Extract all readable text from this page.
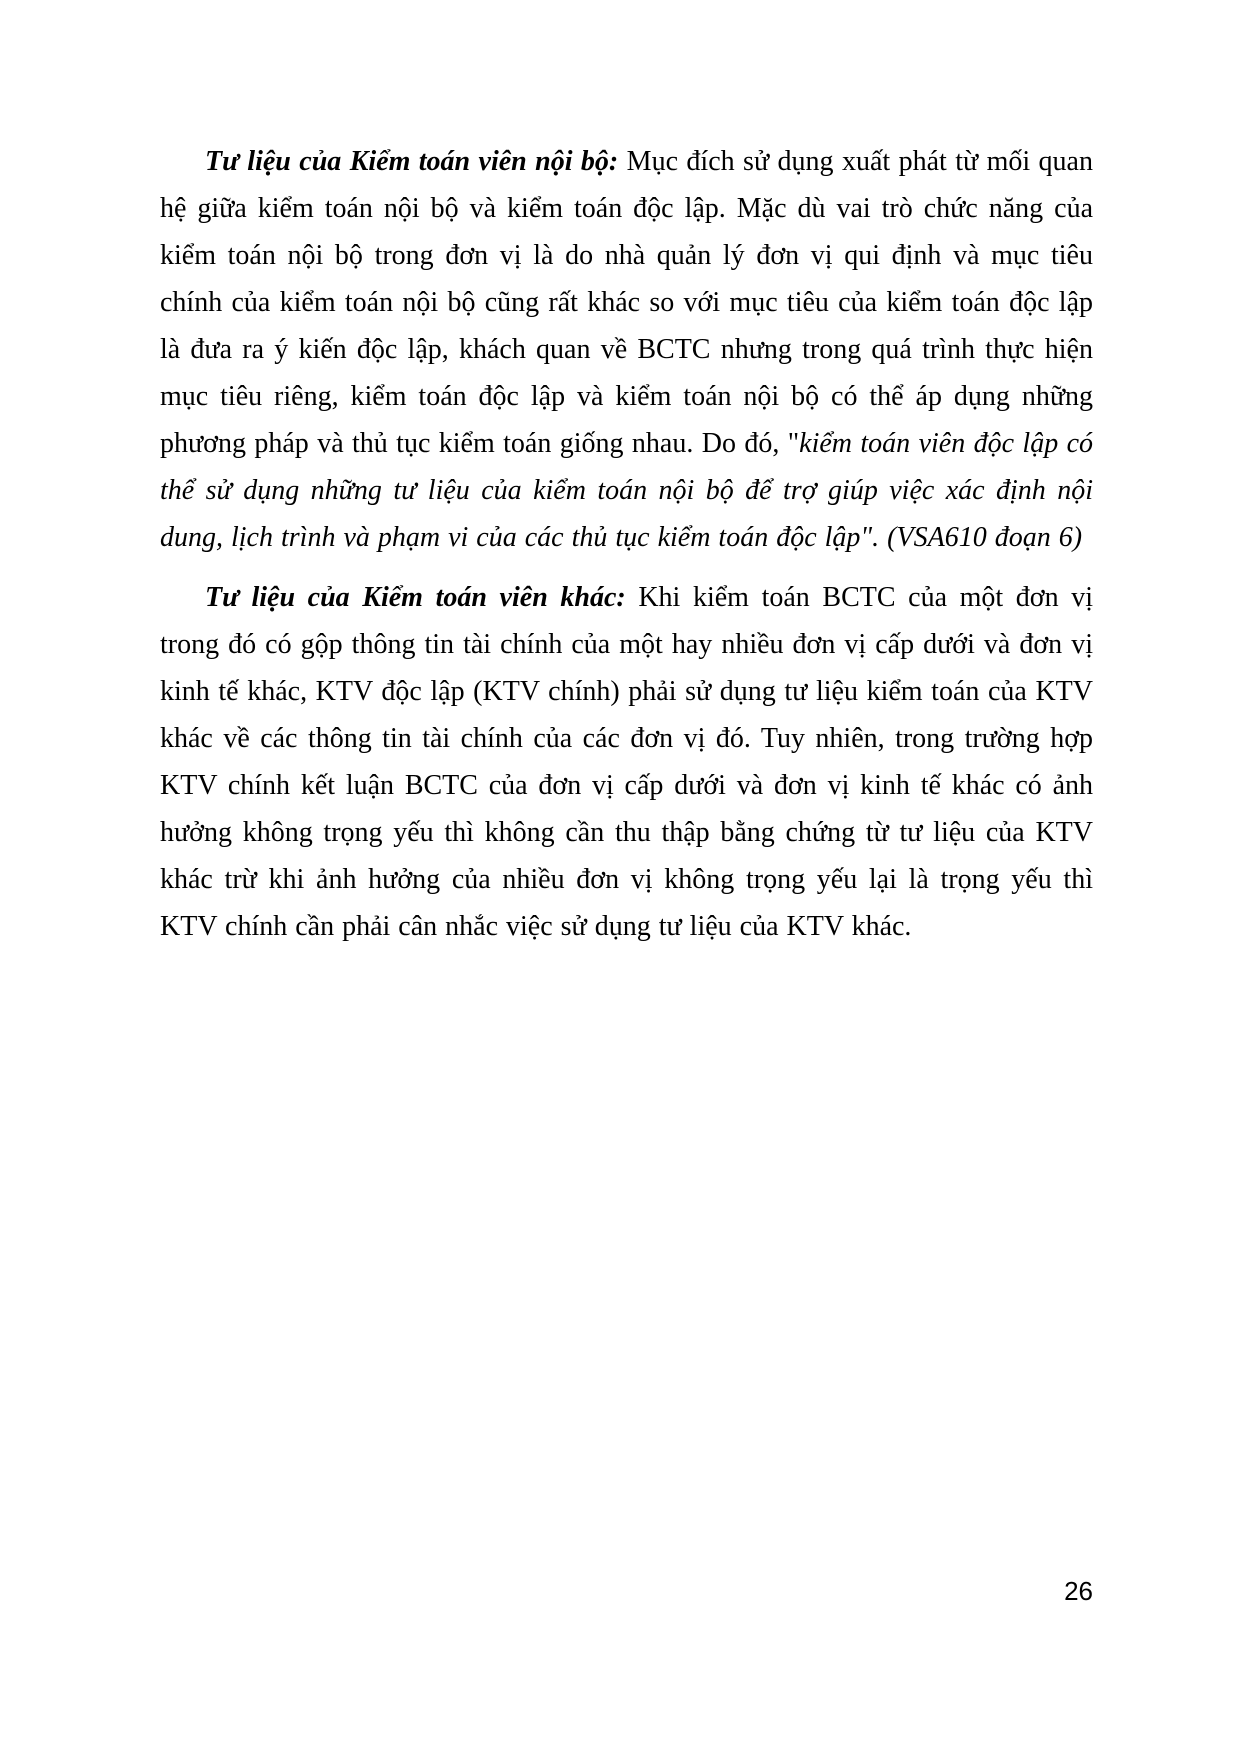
Tư liệu của Kiểm toán viên nội bộ: Mục đích sử dụng xuất phát từ mối quan hệ giữa kiểm toán nội bộ và kiểm toán độc lập. Mặc dù vai trò chức năng của kiểm toán nội bộ trong đơn vị là do nhà quản lý đơn vị qui định và mục tiêu chính của kiểm toán nội bộ cũng rất khác so với mục tiêu của kiểm toán độc lập là đưa ra ý kiến độc lập, khách quan về BCTC nhưng trong quá trình thực hiện mục tiêu riêng, kiểm toán độc lập và kiểm toán nội bộ có thể áp dụng những phương pháp và thủ tục kiểm toán giống nhau. Do đó, "kiểm toán viên độc lập có thể sử dụng những tư liệu của kiểm toán nội bộ để trợ giúp việc xác định nội dung, lịch trình và phạm vi của các thủ tục kiểm toán độc lập". (VSA610 đoạn 6)

Tư liệu của Kiểm toán viên khác: Khi kiểm toán BCTC của một đơn vị trong đó có gộp thông tin tài chính của một hay nhiều đơn vị cấp dưới và đơn vị kinh tế khác, KTV độc lập (KTV chính) phải sử dụng tư liệu kiểm toán của KTV khác về các thông tin tài chính của các đơn vị đó. Tuy nhiên, trong trường hợp KTV chính kết luận BCTC của đơn vị cấp dưới và đơn vị kinh tế khác có ảnh hưởng không trọng yếu thì không cần thu thập bằng chứng từ tư liệu của KTV khác trừ khi ảnh hưởng của nhiều đơn vị không trọng yếu lại là trọng yếu thì KTV chính cần phải cân nhắc việc sử dụng tư liệu của KTV khác.

26
